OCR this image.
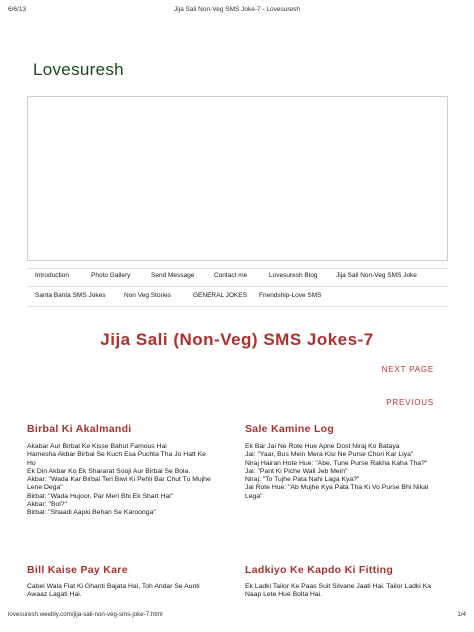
6/6/13	Jija Sali Non-Veg SMS Joke-7 - Lovesuresh
Lovesuresh
Introduction	Photo Gallery	Send Message	Contact me	Lovesuresh Blog	Jija Sali Non-Veg SMS Joke
Santa Banta SMS Jokes	Non Veg Stories	GENERAL JOKES Friendship-Love SMS
Jija Sali (Non-Veg) SMS Jokes-7
NEXT PAGE
PREVIOUS
Birbal Ki Akalmandi
Akabar Aur Birbal Ke Kisse Bahut Famous Hai
Hamesha Akbar Birbal Se Kuch Esa Puchta Tha Jo Hatt Ke
Ho
Ek Din Akbar Ko Ek Shararat Sooji Aur Birbal Se Bola.
Akbar: "Wada Kar Birbal Teri Biwi Ki Pehli Bar Chut Tu Mujhe
Lene Dega"
Birbal: "Wada Hujoor, Par Meri Bhi Ek Shart Hai"
Akbar: "Bol?"
Birbal: "Shaadi Aapki Behan Se Karoonga"
Sale Kamine Log
Ek Bar Jai Ne Rote Hue Apne Dost Niraj Ko Bataya
Jai: "Yaar, Bus Mein Mera Kisi Ne Purse Chori Kar Liya"
Niraj Hairan Hote Hue: "Abe, Tune Purse Rakha Kaha Tha?"
Jai: "Pant Ki Piche Wali Jeb Mein"
Niraj: "To Tujhe Pata Nahi Laga Kya?"
Jai Rote Hue: "Ab Mujhe Kya Pata Tha Ki Vo Purse Bhi Nikal
Lega"
Bill Kaise Pay Kare
Cabel Wala Flat Ki Ghanti Bajata Hai, Toh Andar Se Aunti
Awaaz Lagati Hai.
Ladkiyo Ke Kapdo Ki Fitting
Ek Ladki Tailor Ke Paas Suit Silvane Jaati Hai. Tailor Ladki Ka
Naap Lete Hue Bolta Hai.
lovesuresh.weebly.com/jija-sali-non-veg-sms-joke-7.html	1/4
